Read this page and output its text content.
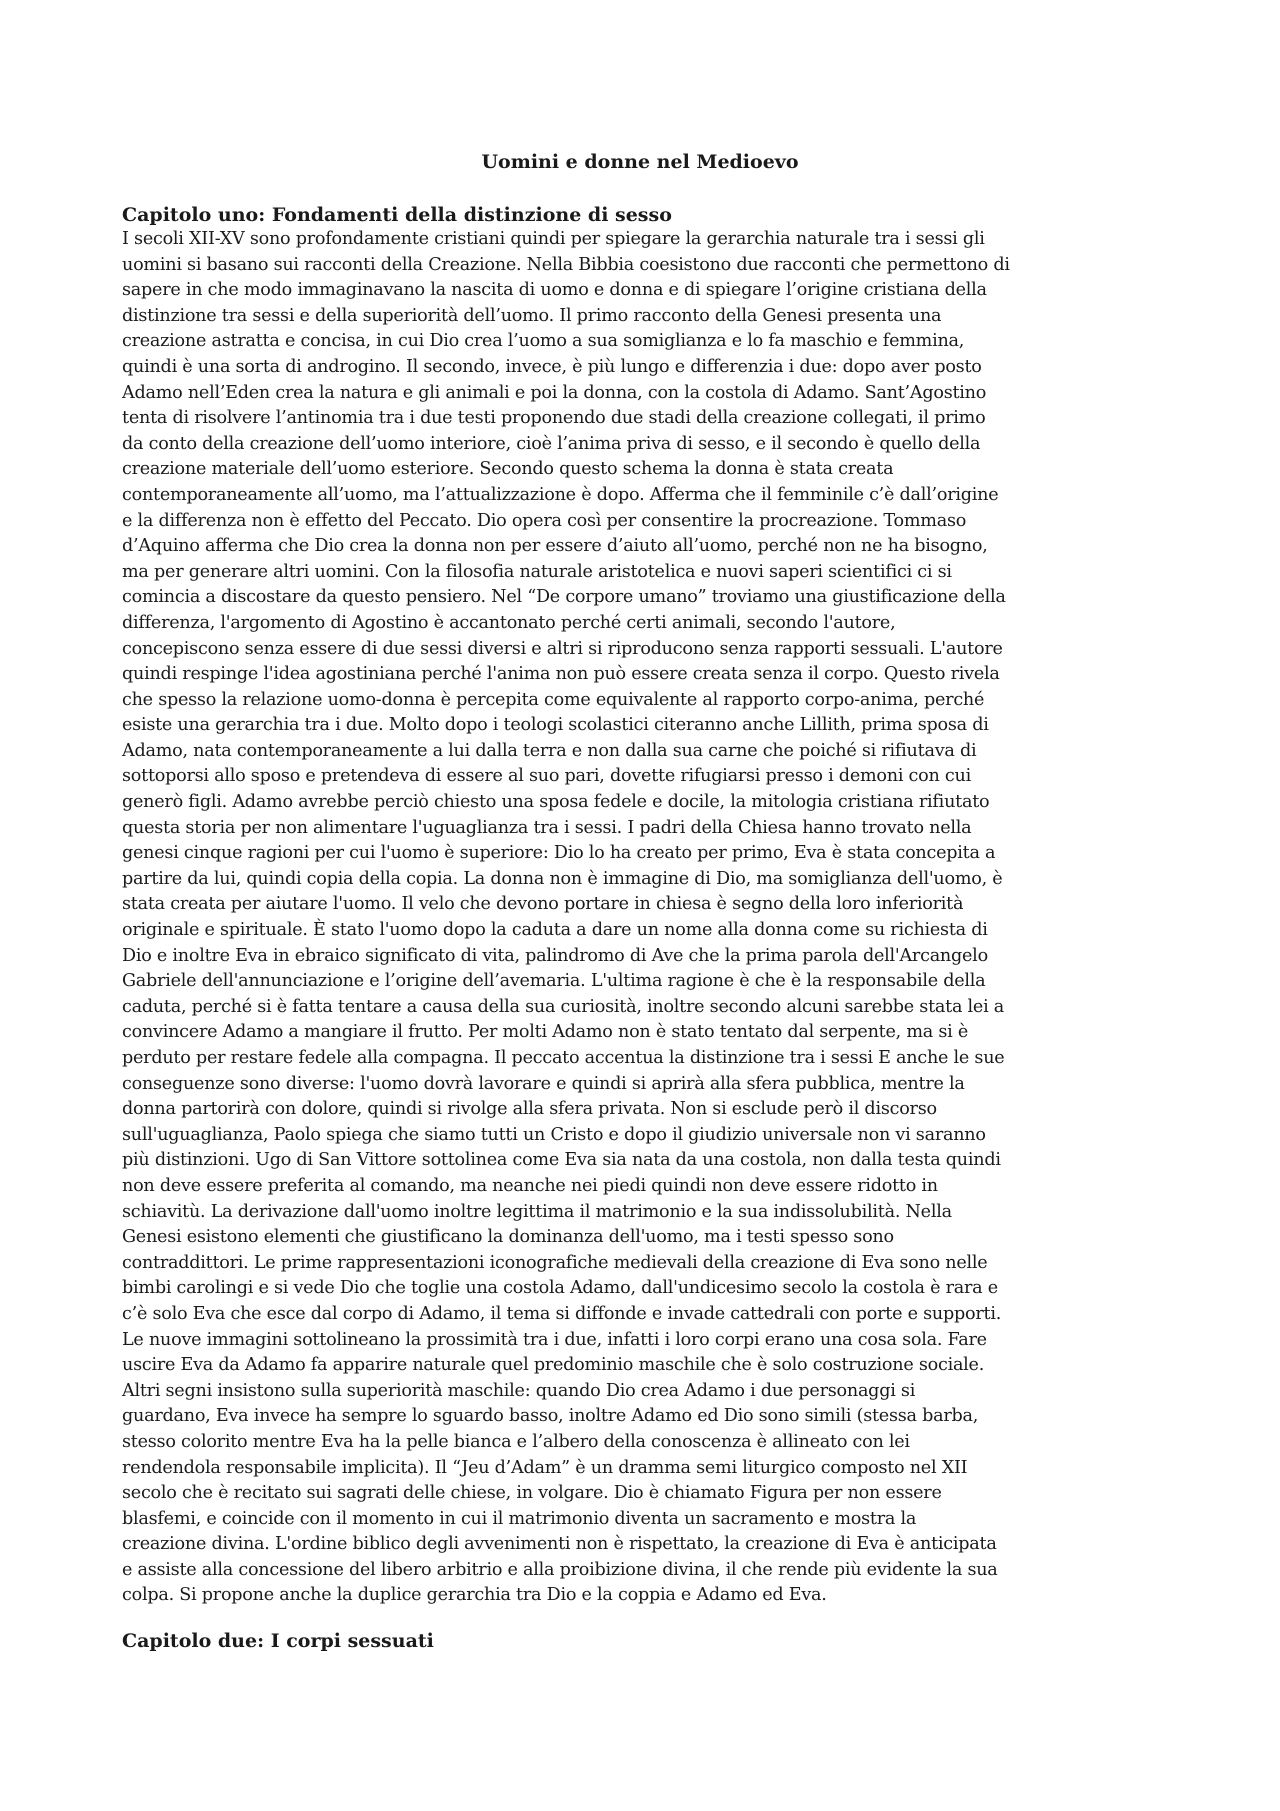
Uomini e donne nel Medioevo
Capitolo uno: Fondamenti della distinzione di sesso

I secoli XII-XV sono profondamente cristiani quindi per spiegare la gerarchia naturale tra i sessi gli
uomini si basano sui racconti della Creazione. Nella Bibbia coesistono due racconti che permettono di
sapere in che modo immaginavano la nascita di uomo e donna e di spiegare l’origine cristiana della
distinzione tra sessi e della superiorità dell’uomo. Il primo racconto della Genesi presenta una
creazione astratta e concisa, in cui Dio crea l’uomo a sua somiglianza e lo fa maschio e femmina,
quindi è una sorta di androgino. Il secondo, invece, è più lungo e differenzia i due: dopo aver posto
Adamo nell’Eden crea la natura e gli animali e poi la donna, con la costola di Adamo. Sant’Agostino
tenta di risolvere l’antinomia tra i due testi proponendo due stadi della creazione collegati, il primo
da conto della creazione dell’uomo interiore, cioè l’anima priva di sesso, e il secondo è quello della
creazione materiale dell’uomo esteriore. Secondo questo schema la donna è stata creata
contemporaneamente all’uomo, ma l’attualizzazione è dopo. Afferma che il femminile c’è dall’origine
e la differenza non è effetto del Peccato. Dio opera così per consentire la procreazione. Tommaso
d’Aquino afferma che Dio crea la donna non per essere d’aiuto all’uomo, perché non ne ha bisogno,
ma per generare altri uomini. Con la filosofia naturale aristotelica e nuovi saperi scientifici ci si
comincia a discostare da questo pensiero. Nel “De corpore umano” troviamo una giustificazione della
differenza, l'argomento di Agostino è accantonato perché certi animali, secondo l'autore,
concepiscono senza essere di due sessi diversi e altri si riproducono senza rapporti sessuali. L'autore
quindi respinge l'idea agostiniana perché l'anima non può essere creata senza il corpo. Questo rivela
che spesso la relazione uomo-donna è percepita come equivalente al rapporto corpo-anima, perché
esiste una gerarchia tra i due. Molto dopo i teologi scolastici citeranno anche Lillith, prima sposa di
Adamo, nata contemporaneamente a lui dalla terra e non dalla sua carne che poiché si rifiutava di
sottoporsi allo sposo e pretendeva di essere al suo pari, dovette rifugiarsi presso i demoni con cui
generò figli. Adamo avrebbe perciò chiesto una sposa fedele e docile, la mitologia cristiana rifiutato
questa storia per non alimentare l'uguaglianza tra i sessi. I padri della Chiesa hanno trovato nella
genesi cinque ragioni per cui l'uomo è superiore: Dio lo ha creato per primo, Eva è stata concepita a
partire da lui, quindi copia della copia. La donna non è immagine di Dio, ma somiglianza dell'uomo, è
stata creata per aiutare l'uomo. Il velo che devono portare in chiesa è segno della loro inferiorità
originale e spirituale. È stato l'uomo dopo la caduta a dare un nome alla donna come su richiesta di
Dio e inoltre Eva in ebraico significato di vita, palindromo di Ave che la prima parola dell'Arcangelo
Gabriele dell'annunciazione e l’origine dell’avemaria. L'ultima ragione è che è la responsabile della
caduta, perché si è fatta tentare a causa della sua curiosità, inoltre secondo alcuni sarebbe stata lei a
convincere Adamo a mangiare il frutto. Per molti Adamo non è stato tentato dal serpente, ma si è
perduto per restare fedele alla compagna. Il peccato accentua la distinzione tra i sessi E anche le sue
conseguenze sono diverse: l'uomo dovrà lavorare e quindi si aprirà alla sfera pubblica, mentre la
donna partorirà con dolore, quindi si rivolge alla sfera privata. Non si esclude però il discorso
sull'uguaglianza, Paolo spiega che siamo tutti un Cristo e dopo il giudizio universale non vi saranno
più distinzioni. Ugo di San Vittore sottolinea come Eva sia nata da una costola, non dalla testa quindi
non deve essere preferita al comando, ma neanche nei piedi quindi non deve essere ridotto in
schiavitù. La derivazione dall'uomo inoltre legittima il matrimonio e la sua indissolubilità. Nella
Genesi esistono elementi che giustificano la dominanza dell'uomo, ma i testi spesso sono
contraddittori. Le prime rappresentazioni iconografiche medievali della creazione di Eva sono nelle
bimbi carolingi e si vede Dio che toglie una costola Adamo, dall'undicesimo secolo la costola è rara e
c’è solo Eva che esce dal corpo di Adamo, il tema si diffonde e invade cattedrali con porte e supporti.
Le nuove immagini sottolineano la prossimità tra i due, infatti i loro corpi erano una cosa sola. Fare
uscire Eva da Adamo fa apparire naturale quel predominio maschile che è solo costruzione sociale.
Altri segni insistono sulla superiorità maschile: quando Dio crea Adamo i due personaggi si
guardano, Eva invece ha sempre lo sguardo basso, inoltre Adamo ed Dio sono simili (stessa barba,
stesso colorito mentre Eva ha la pelle bianca e l’albero della conoscenza è allineato con lei
rendendola responsabile implicita). Il “Jeu d’Adam” è un dramma semi liturgico composto nel XII
secolo che è recitato sui sagrati delle chiese, in volgare. Dio è chiamato Figura per non essere
blasfemi, e coincide con il momento in cui il matrimonio diventa un sacramento e mostra la
creazione divina. L'ordine biblico degli avvenimenti non è rispettato, la creazione di Eva è anticipata
e assiste alla concessione del libero arbitrio e alla proibizione divina, il che rende più evidente la sua
colpa. Si propone anche la duplice gerarchia tra Dio e la coppia e Adamo ed Eva.

Capitolo due: I corpi sessuati
